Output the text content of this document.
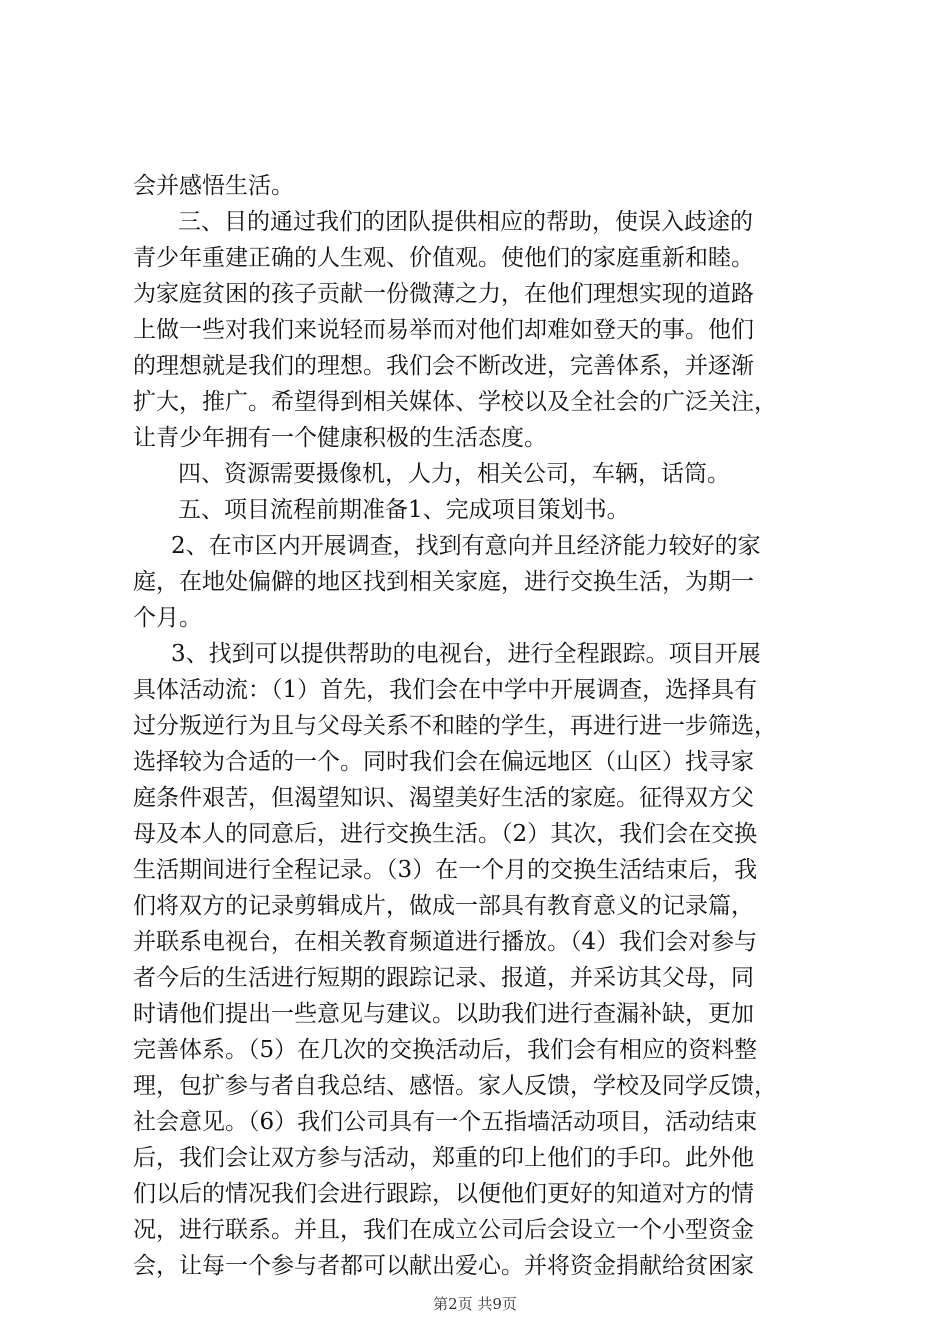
会并感悟生活。
三、目的通过我们的团队提供相应的帮助，使误入歧途的
青少年重建正确的人生观、价值观。使他们的家庭重新和睦。
为家庭贫困的孩子贡献一份微薄之力，在他们理想实现的道路
上做一些对我们来说轻而易举而对他们却难如登天的事。他们
的理想就是我们的理想。我们会不断改进，完善体系，并逐渐
扩大，推广。希望得到相关媒体、学校以及全社会的广泛关注，
让青少年拥有一个健康积极的生活态度。
四、资源需要摄像机，人力，相关公司，车辆，话筒。
五、项目流程前期准备1、完成项目策划书。
2、在市区内开展调查，找到有意向并且经济能力较好的家
庭，在地处偏僻的地区找到相关家庭，进行交换生活，为期一
个月。
3、找到可以提供帮助的电视台，进行全程跟踪。项目开展
具体活动流：（1）首先，我们会在中学中开展调查，选择具有
过分叛逆行为且与父母关系不和睦的学生，再进行进一步筛选，
选择较为合适的一个。同时我们会在偏远地区（山区）找寻家
庭条件艰苦，但渴望知识、渴望美好生活的家庭。征得双方父
母及本人的同意后，进行交换生活。（2）其次，我们会在交换
生活期间进行全程记录。（3）在一个月的交换生活结束后，我
们将双方的记录剪辑成片，做成一部具有教育意义的记录篇，
并联系电视台，在相关教育频道进行播放。（4）我们会对参与
者今后的生活进行短期的跟踪记录、报道，并采访其父母，同
时请他们提出一些意见与建议。以助我们进行查漏补缺，更加
完善体系。（5）在几次的交换活动后，我们会有相应的资料整
理，包扩参与者自我总结、感悟。家人反馈，学校及同学反馈，
社会意见。（6）我们公司具有一个五指墙活动项目，活动结束
后，我们会让双方参与活动，郑重的印上他们的手印。此外他
们以后的情况我们会进行跟踪，以便他们更好的知道对方的情
况，进行联系。并且，我们在成立公司后会设立一个小型资金
会，让每一个参与者都可以献出爱心。并将资金捐献给贫困家
第2页 共9页
